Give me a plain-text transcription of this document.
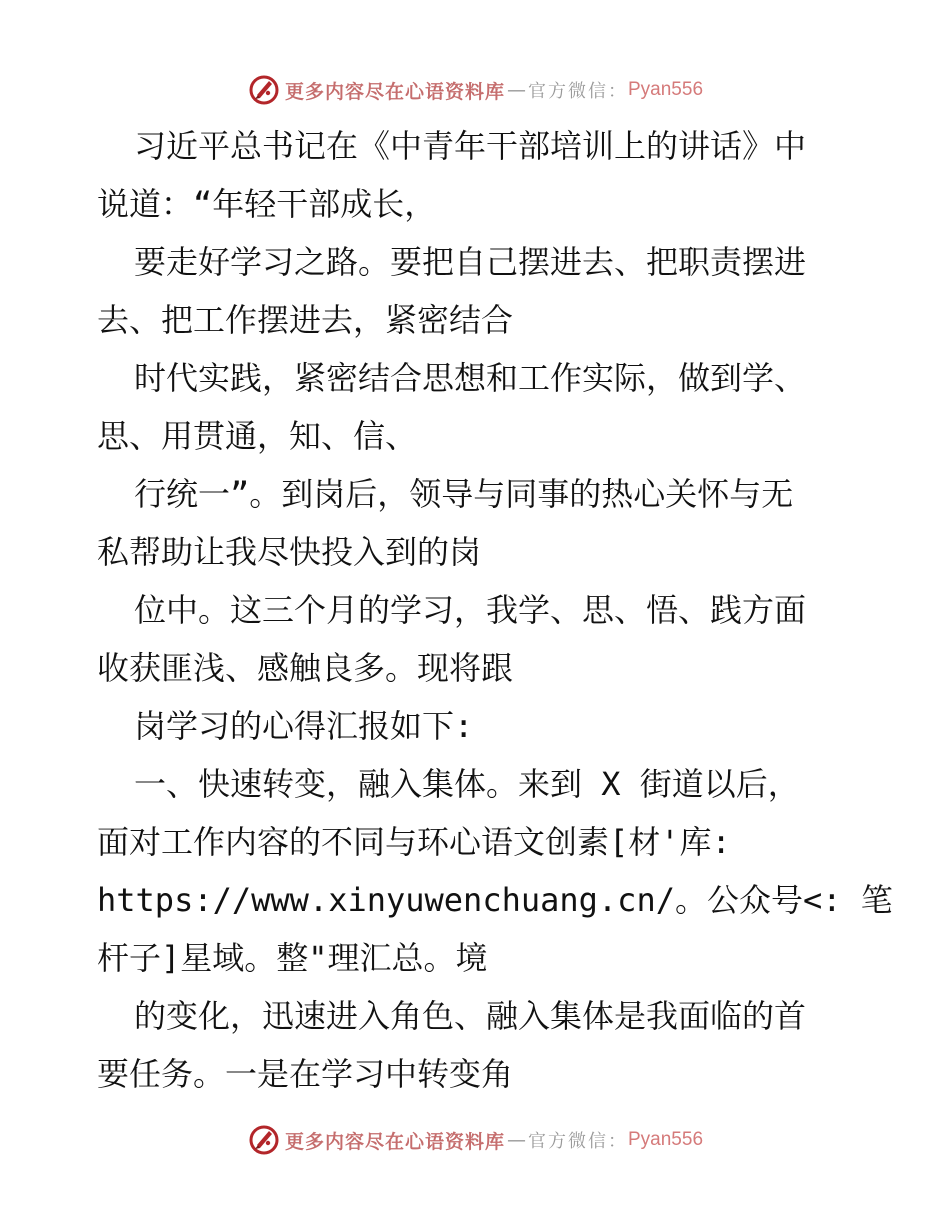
更多内容尽在心语资料库 — 官方微信： Pyan556
习近平总书记在《中青年干部培训上的讲话》中
说道：“年轻干部成长，
要走好学习之路。要把自己摆进去、把职责摆进
去、把工作摆进去，紧密结合
时代实践，紧密结合思想和工作实际，做到学、
思、用贯通，知、信、
行统一”。到岗后，领导与同事的热心关怀与无
私帮助让我尽快投入到的岗
位中。这三个月的学习，我学、思、悟、践方面
收获匪浅、感触良多。现将跟
岗学习的心得汇报如下:
一、快速转变，融入集体。来到 X 街道以后，
面对工作内容的不同与环心语文创素[材'库:
https://www.xinyuwenchuang.cn/。公众号<: 笔
杆子]星域。整"理汇总。境
的变化，迅速进入角色、融入集体是我面临的首
要任务。一是在学习中转变角
更多内容尽在心语资料库 — 官方微信： Pyan556
